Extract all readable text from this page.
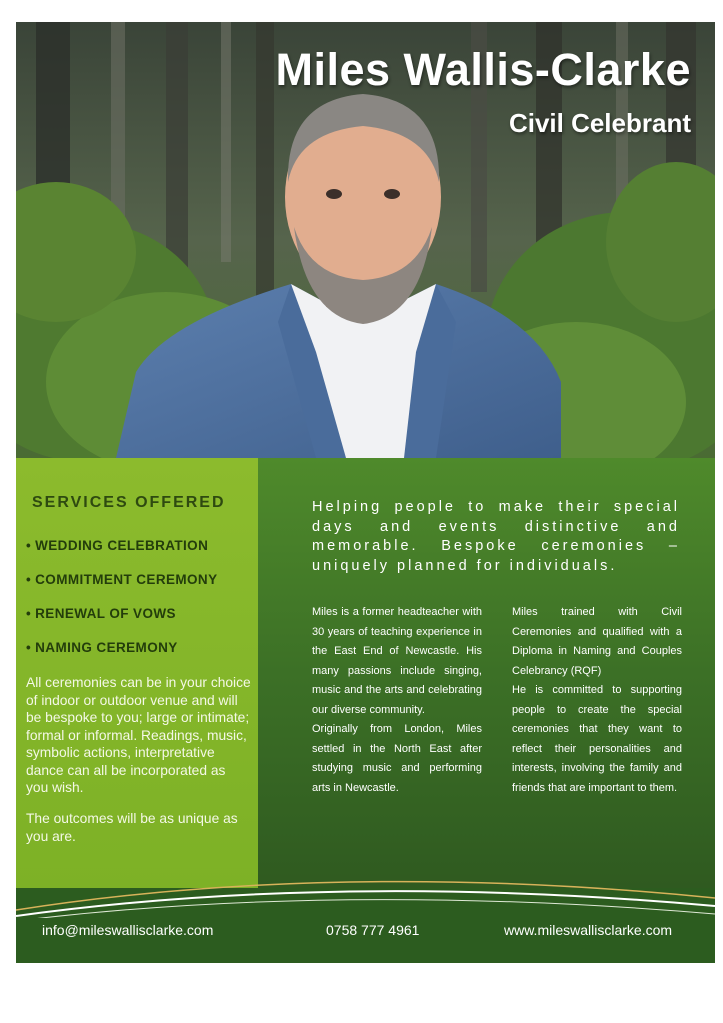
Miles Wallis-Clarke
Civil Celebrant
SERVICES OFFERED
• WEDDING CELEBRATION
• COMMITMENT CEREMONY
• RENEWAL OF VOWS
• NAMING CEREMONY

All ceremonies can be in your choice of indoor or outdoor venue and will be bespoke to you; large or intimate; formal or informal. Readings, music, symbolic actions, interpretative dance can all be incorporated as you wish.

The outcomes will be as unique as you are.

Helping people to make their special days and events distinctive and memorable. Bespoke ceremonies – uniquely planned for individuals.

Miles is a former headteacher with 30 years of teaching experience in the East End of Newcastle. His many passions include singing, music and the arts and celebrating our diverse community.

Originally from London, Miles settled in the North East after studying music and performing arts in Newcastle.

Miles trained with Civil Ceremonies and qualified with a Diploma in Naming and Couples Celebrancy (RQF)

He is committed to supporting people to create the special ceremonies that they want to reflect their personalities and interests, involving the family and friends that are important to them.

info@mileswallisclarke.com	0758 777 4961	www.mileswallisclarke.com
